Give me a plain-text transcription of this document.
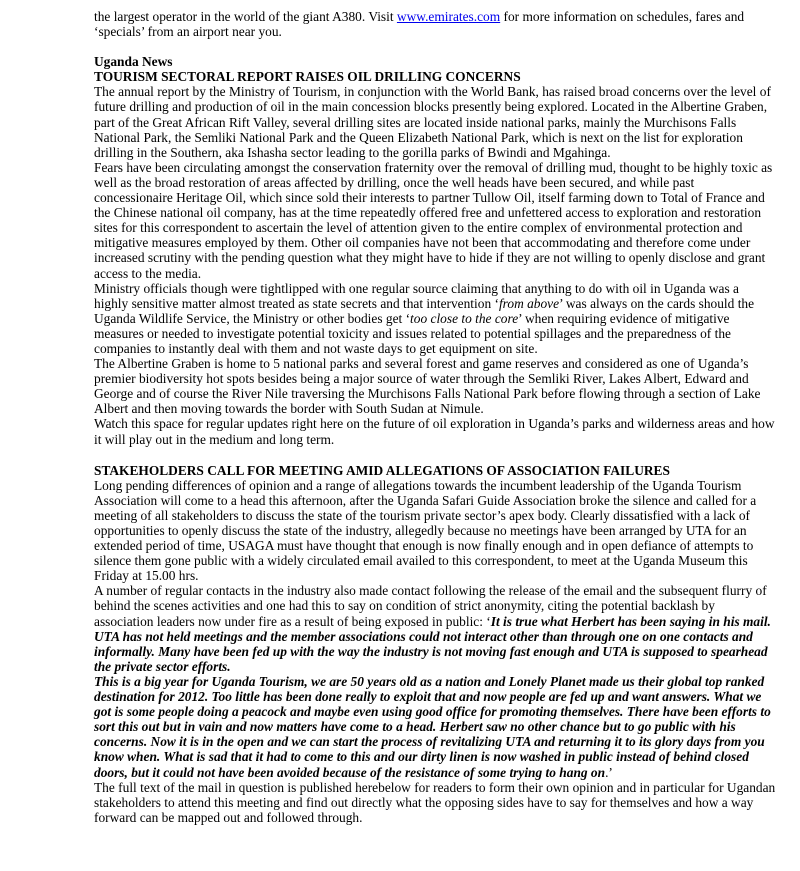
the largest operator in the world of the giant A380. Visit www.emirates.com for more information on schedules, fares and ‘specials’ from an airport near you.

Uganda News

TOURISM SECTORAL REPORT RAISES OIL DRILLING CONCERNS

The annual report by the Ministry of Tourism, in conjunction with the World Bank, has raised broad concerns over the level of future drilling and production of oil in the main concession blocks presently being explored. Located in the Albertine Graben, part of the Great African Rift Valley, several drilling sites are located inside national parks, mainly the Murchisons Falls National Park, the Semliki National Park and the Queen Elizabeth National Park, which is next on the list for exploration drilling in the Southern, aka Ishasha sector leading to the gorilla parks of Bwindi and Mgahinga.

Fears have been circulating amongst the conservation fraternity over the removal of drilling mud, thought to be highly toxic as well as the broad restoration of areas affected by drilling, once the well heads have been secured, and while past concessionaire Heritage Oil, which since sold their interests to partner Tullow Oil, itself farming down to Total of France and the Chinese national oil company, has at the time repeatedly offered free and unfettered access to exploration and restoration sites for this correspondent to ascertain the level of attention given to the entire complex of environmental protection and mitigative measures employed by them. Other oil companies have not been that accommodating and therefore come under increased scrutiny with the pending question what they might have to hide if they are not willing to openly disclose and grant access to the media.

Ministry officials though were tightlipped with one regular source claiming that anything to do with oil in Uganda was a highly sensitive matter almost treated as state secrets and that intervention ‘from above’ was always on the cards should the Uganda Wildlife Service, the Ministry or other bodies get ‘too close to the core’ when requiring evidence of mitigative measures or needed to investigate potential toxicity and issues related to potential spillages and the preparedness of the companies to instantly deal with them and not waste days to get equipment on site.

The Albertine Graben is home to 5 national parks and several forest and game reserves and considered as one of Uganda’s premier biodiversity hot spots besides being a major source of water through the Semliki River, Lakes Albert, Edward and George and of course the River Nile traversing the Murchisons Falls National Park before flowing through a section of Lake Albert and then moving towards the border with South Sudan at Nimule.

Watch this space for regular updates right here on the future of oil exploration in Uganda’s parks and wilderness areas and how it will play out in the medium and long term.

STAKEHOLDERS CALL FOR MEETING AMID ALLEGATIONS OF ASSOCIATION FAILURES

Long pending differences of opinion and a range of allegations towards the incumbent leadership of the Uganda Tourism Association will come to a head this afternoon, after the Uganda Safari Guide Association broke the silence and called for a meeting of all stakeholders to discuss the state of the tourism private sector’s apex body. Clearly dissatisfied with a lack of opportunities to openly discuss the state of the industry, allegedly because no meetings have been arranged by UTA for an extended period of time, USAGA must have thought that enough is now finally enough and in open defiance of attempts to silence them gone public with a widely circulated email availed to this correspondent, to meet at the Uganda Museum this Friday at 15.00 hrs.

A number of regular contacts in the industry also made contact following the release of the email and the subsequent flurry of behind the scenes activities and one had this to say on condition of strict anonymity, citing the potential backlash by association leaders now under fire as a result of being exposed in public: ‘It is true what Herbert has been saying in his mail. UTA has not held meetings and the member associations could not interact other than through one on one contacts and informally. Many have been fed up with the way the industry is not moving fast enough and UTA is supposed to spearhead the private sector efforts.

This is a big year for Uganda Tourism, we are 50 years old as a nation and Lonely Planet made us their global top ranked destination for 2012. Too little has been done really to exploit that and now people are fed up and want answers. What we got is some people doing a peacock and maybe even using good office for promoting themselves. There have been efforts to sort this out but in vain and now matters have come to a head. Herbert saw no other chance but to go public with his concerns. Now it is in the open and we can start the process of revitalizing UTA and returning it to its glory days from you know when. What is sad that it had to come to this and our dirty linen is now washed in public instead of behind closed doors, but it could not have been avoided because of the resistance of some trying to hang on.’

The full text of the mail in question is published herebelow for readers to form their own opinion and in particular for Ugandan stakeholders to attend this meeting and find out directly what the opposing sides have to say for themselves and how a way forward can be mapped out and followed through.
